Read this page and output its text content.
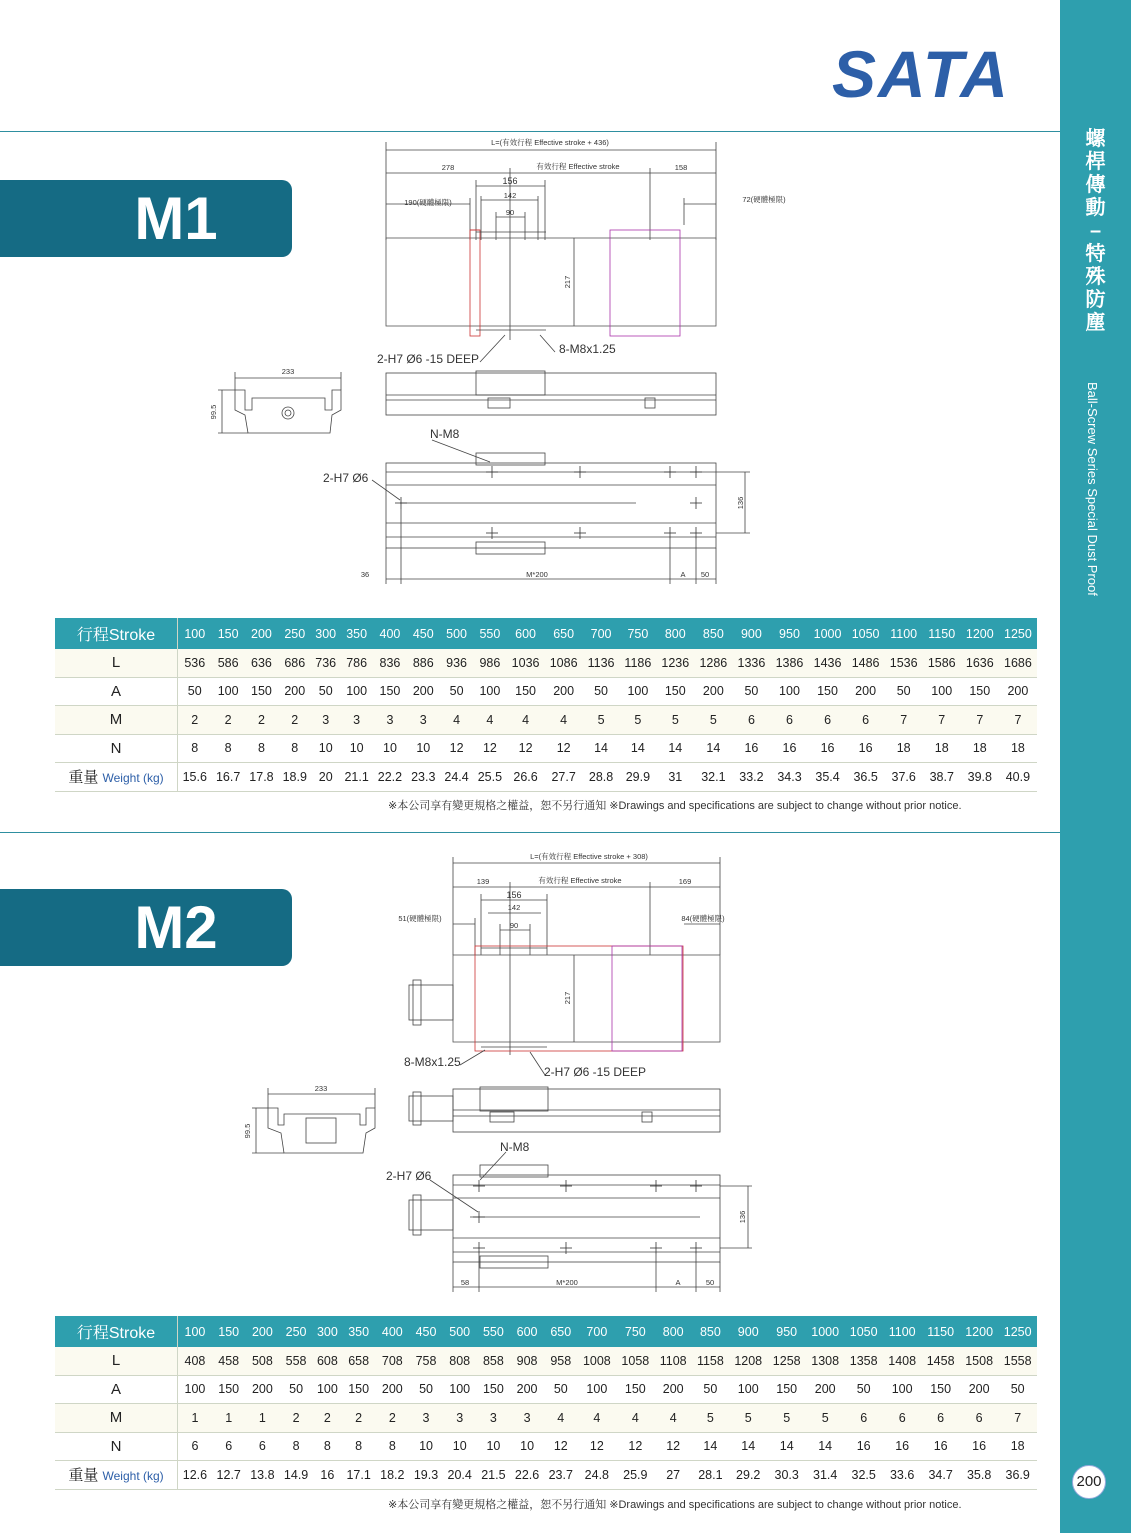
螺
桿
傳
動
–
特
殊
防
塵
Ball-Screw Series Special Dust Proof
200
SATA
M1
M2
L=(有效行程 Effective stroke + 436)
278	有效行程 Effective stroke	158
156
142
90
190(硬體極限)	72(硬體極限)
217
8-M8x1.25
2-H7 Ø6 -15 DEEP
233
99.5
N-M8
2-H7 Ø6
136
36	M*200	A 50
L=(有效行程 Effective stroke + 308)
139	有效行程 Effective stroke	169
156
142
90
51(硬體極限)	84(硬體極限)
217
8-M8x1.25
2-H7 Ø6 -15 DEEP
233
99.5
N-M8
2-H7 Ø6
136
58	M*200	A	50
行程Stroke	100	150	200	250	300	350	400	450	500	550	600	650	700	750	800	850	900	950	1000	1050	1100	1150	1200	1250
L	536	586	636	686	736	786	836	886	936	986	1036	1086	1136	1186	1236	1286	1336	1386	1436	1486	1536	1586	1636	1686
A	50	100	150	200	50	100	150	200	50	100	150	200	50	100	150	200	50	100	150	200	50	100	150	200
M	2	2	2	2	3	3	3	3	4	4	4	4	5	5	5	5	6	6	6	6	7	7	7	7
N	8	8	8	8	10	10	10	10	12	12	12	12	14	14	14	14	16	16	16	16	18	18	18	18
重量 Weight (kg)	15.6	16.7	17.8	18.9	20	21.1	22.2	23.3	24.4	25.5	26.6	27.7	28.8	29.9	31	32.1	33.2	34.3	35.4	36.5	37.6	38.7	39.8	40.9
※本公司享有變更規格之權益，恕不另行通知 ※Drawings and specifications are subject to change without prior notice.
行程Stroke	100	150	200	250	300	350	400	450	500	550	600	650	700	750	800	850	900	950	1000	1050	1100	1150	1200	1250
L	408	458	508	558	608	658	708	758	808	858	908	958	1008	1058	1108	1158	1208	1258	1308	1358	1408	1458	1508	1558
A	100	150	200	50	100	150	200	50	100	150	200	50	100	150	200	50	100	150	200	50	100	150	200	50
M	1	1	1	2	2	2	2	3	3	3	3	4	4	4	4	5	5	5	5	6	6	6	6	7
N	6	6	6	8	8	8	8	10	10	10	10	12	12	12	12	14	14	14	14	16	16	16	16	18
重量 Weight (kg)	12.6	12.7	13.8	14.9	16	17.1	18.2	19.3	20.4	21.5	22.6	23.7	24.8	25.9	27	28.1	29.2	30.3	31.4	32.5	33.6	34.7	35.8	36.9
※本公司享有變更規格之權益，恕不另行通知 ※Drawings and specifications are subject to change without prior notice.
